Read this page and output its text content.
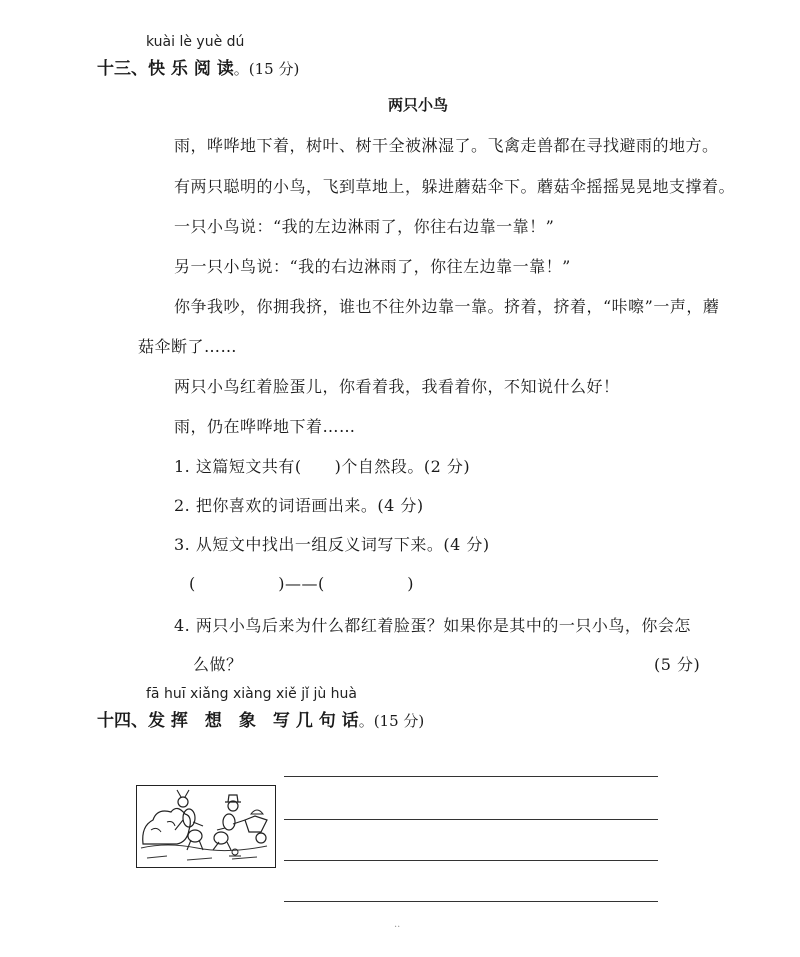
kuài lè yuè dú
十三、快 乐 阅 读。(15 分)
两只小鸟
雨，哗哗地下着，树叶、树干全被淋湿了。飞禽走兽都在寻找避雨的地方。
有两只聪明的小鸟，飞到草地上，躲进蘑菇伞下。蘑菇伞摇摇晃晃地支撑着。
一只小鸟说：“我的左边淋雨了，你往右边靠一靠！”
另一只小鸟说：“我的右边淋雨了，你往左边靠一靠！”
你争我吵，你拥我挤，谁也不往外边靠一靠。挤着，挤着，“咔嚓”一声，蘑
菇伞断了……
两只小鸟红着脸蛋儿，你看着我，我看着你，不知说什么好！
雨，仍在哗哗地下着……
1. 这篇短文共有(　　)个自然段。(2 分)
2. 把你喜欢的词语画出来。(4 分)
3. 从短文中找出一组反义词写下来。(4 分)
(　　　　　)——(　　　　　)
4. 两只小鸟后来为什么都红着脸蛋？如果你是其中的一只小鸟，你会怎
么做？	(5 分)
fā huī xiǎng xiàng xiě jǐ jù huà
十四、发 挥　想　象　写 几 句 话。(15 分)
··
